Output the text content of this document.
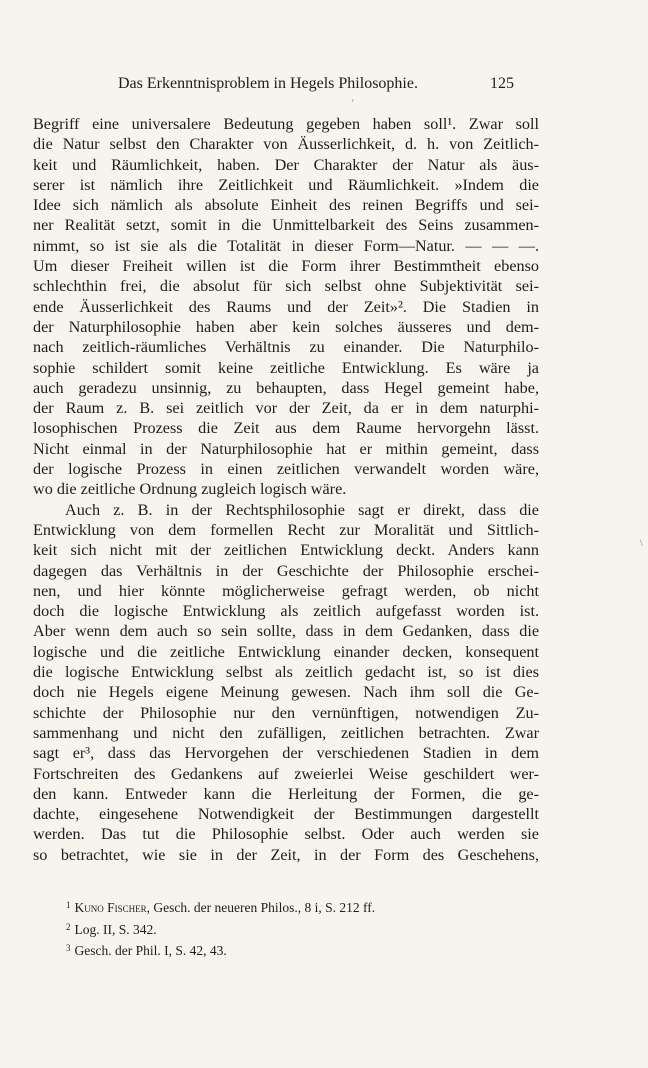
Das Erkenntnisproblem in Hegels Philosophie.	125
'
\
Begriff eine universalere Bedeutung gegeben haben soll¹. Zwar soll
die Natur selbst den Charakter von Äusserlichkeit, d. h. von Zeitlich-
keit und Räumlichkeit, haben. Der Charakter der Natur als äus-
serer ist nämlich ihre Zeitlichkeit und Räumlichkeit. »Indem die
Idee sich nämlich als absolute Einheit des reinen Begriffs und sei-
ner Realität setzt, somit in die Unmittelbarkeit des Seins zusammen-
nimmt, so ist sie als die Totalität in dieser Form—Natur. — — —.
Um dieser Freiheit willen ist die Form ihrer Bestimmtheit ebenso
schlechthin frei, die absolut für sich selbst ohne Subjektivität sei-
ende Äusserlichkeit des Raums und der Zeit»². Die Stadien in
der Naturphilosophie haben aber kein solches äusseres und dem-
nach zeitlich-räumliches Verhältnis zu einander. Die Naturphilo-
sophie schildert somit keine zeitliche Entwicklung. Es wäre ja
auch geradezu unsinnig, zu behaupten, dass Hegel gemeint habe,
der Raum z. B. sei zeitlich vor der Zeit, da er in dem naturphi-
losophischen Prozess die Zeit aus dem Raume hervorgehn lässt.
Nicht einmal in der Naturphilosophie hat er mithin gemeint, dass
der logische Prozess in einen zeitlichen verwandelt worden wäre,
wo die zeitliche Ordnung zugleich logisch wäre.
Auch z. B. in der Rechtsphilosophie sagt er direkt, dass die
Entwicklung von dem formellen Recht zur Moralität und Sittlich-
keit sich nicht mit der zeitlichen Entwicklung deckt. Anders kann
dagegen das Verhältnis in der Geschichte der Philosophie erschei-
nen, und hier könnte möglicherweise gefragt werden, ob nicht
doch die logische Entwicklung als zeitlich aufgefasst worden ist.
Aber wenn dem auch so sein sollte, dass in dem Gedanken, dass die
logische und die zeitliche Entwicklung einander decken, konsequent
die logische Entwicklung selbst als zeitlich gedacht ist, so ist dies
doch nie Hegels eigene Meinung gewesen. Nach ihm soll die Ge-
schichte der Philosophie nur den vernünftigen, notwendigen Zu-
sammenhang und nicht den zufälligen, zeitlichen betrachten. Zwar
sagt er³, dass das Hervorgehen der verschiedenen Stadien in dem
Fortschreiten des Gedankens auf zweierlei Weise geschildert wer-
den kann. Entweder kann die Herleitung der Formen, die ge-
dachte, eingesehene Notwendigkeit der Bestimmungen dargestellt
werden. Das tut die Philosophie selbst. Oder auch werden sie
so betrachtet, wie sie in der Zeit, in der Form des Geschehens,
$^1$ Kuno Fischer, Gesch. der neueren Philos., 8 i, S. 212 ff.
$^2$ Log. II, S. 342.
$^3$ Gesch. der Phil. I, S. 42, 43.
